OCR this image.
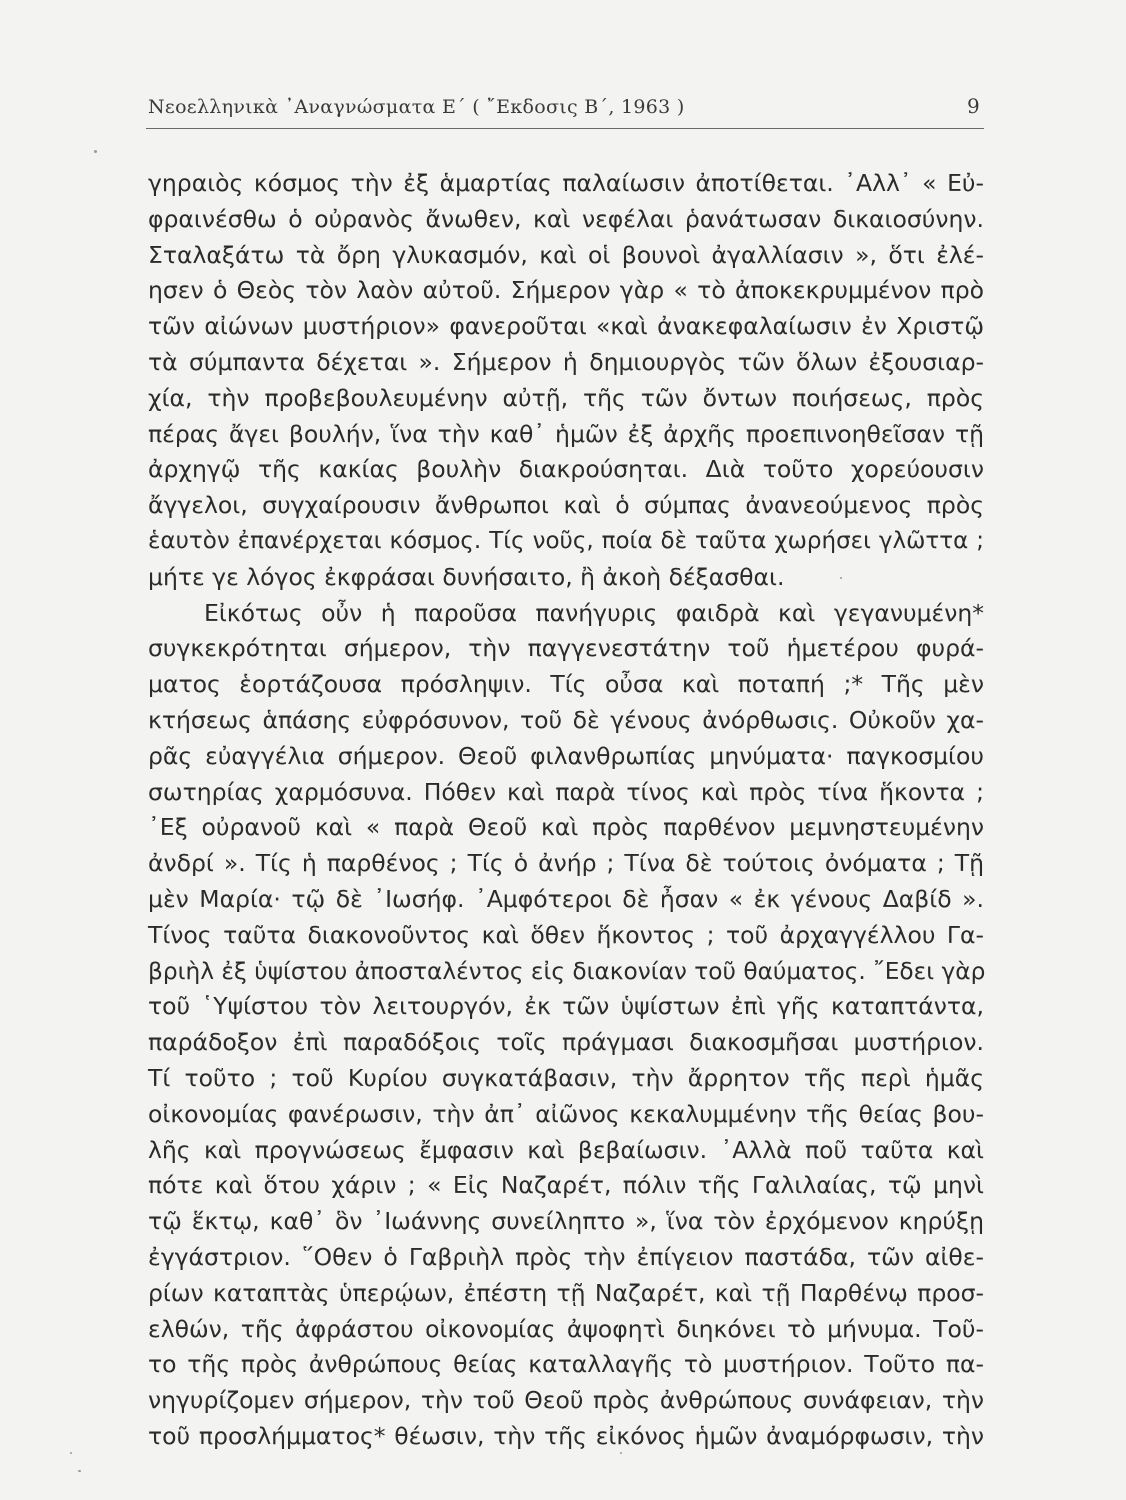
Νεοελληνικὰ ᾿Αναγνώσματα Ε΄ ( ῎Εκδοσις Β΄, 1963 )	9
γηραιὸς κόσμος τὴν ἐξ ἁμαρτίας παλαίωσιν ἀποτίθεται. ᾿Αλλ᾿ « Εὐ-
φραινέσθω ὁ οὐρανὸς ἄνωθεν, καὶ νεφέλαι ῥανάτωσαν δικαιοσύνην.
Σταλαξάτω τὰ ὄρη γλυκασμόν, καὶ οἱ βουνοὶ ἀγαλλίασιν », ὅτι ἐλέ-
ησεν ὁ Θεὸς τὸν λαὸν αὐτοῦ. Σήμερον γὰρ « τὸ ἀποκεκρυμμένον πρὸ
τῶν αἰώνων μυστήριον» φανεροῦται «καὶ ἀνακεφαλαίωσιν ἐν Χριστῷ
τὰ σύμπαντα δέχεται ». Σήμερον ἡ δημιουργὸς τῶν ὅλων ἐξουσιαρ-
χία, τὴν προβεβουλευμένην αὐτῇ, τῆς τῶν ὄντων ποιήσεως, πρὸς
πέρας ἄγει βουλήν, ἵνα τὴν καθ᾿ ἡμῶν ἐξ ἀρχῆς προεπινοηθεῖσαν τῇ
ἀρχηγῷ τῆς κακίας βουλὴν διακρούσηται. Διὰ τοῦτο χορεύουσιν
ἄγγελοι, συγχαίρουσιν ἄνθρωποι καὶ ὁ σύμπας ἀνανεούμενος πρὸς
ἑαυτὸν ἐπανέρχεται κόσμος. Τίς νοῦς, ποία δὲ ταῦτα χωρήσει γλῶττα ;
μήτε γε λόγος ἐκφράσαι δυνήσαιτο, ἢ ἀκοὴ δέξασθαι.
Εἰκότως οὖν ἡ παροῦσα πανήγυρις φαιδρὰ καὶ γεγανυμένη*
συγκεκρότηται σήμερον, τὴν παγγενεστάτην τοῦ ἡμετέρου φυρά-
ματος ἑορτάζουσα πρόσληψιν. Τίς οὖσα καὶ ποταπή ;* Τῆς μὲν
κτήσεως ἁπάσης εὐφρόσυνον, τοῦ δὲ γένους ἀνόρθωσις. Οὐκοῦν χα-
ρᾶς εὐαγγέλια σήμερον. Θεοῦ φιλανθρωπίας μηνύματα· παγκοσμίου
σωτηρίας χαρμόσυνα. Πόθεν καὶ παρὰ τίνος καὶ πρὸς τίνα ἥκοντα ;
᾿Εξ οὐρανοῦ καὶ « παρὰ Θεοῦ καὶ πρὸς παρθένον μεμνηστευμένην
ἀνδρί ». Τίς ἡ παρθένος ; Τίς ὁ ἀνήρ ; Τίνα δὲ τούτοις ὀνόματα ; Τῇ
μὲν Μαρία· τῷ δὲ ᾿Ιωσήφ. ᾿Αμφότεροι δὲ ἦσαν « ἐκ γένους Δαβίδ ».
Τίνος ταῦτα διακονοῦντος καὶ ὅθεν ἥκοντος ; τοῦ ἀρχαγγέλλου Γα-
βριὴλ ἐξ ὑψίστου ἀποσταλέντος εἰς διακονίαν τοῦ θαύματος. ῎Εδει γὰρ
τοῦ ῾Υψίστου τὸν λειτουργόν, ἐκ τῶν ὑψίστων ἐπὶ γῆς καταπτάντα,
παράδοξον ἐπὶ παραδόξοις τοῖς πράγμασι διακοσμῆσαι μυστήριον.
Τί τοῦτο ; τοῦ Κυρίου συγκατάβασιν, τὴν ἄρρητον τῆς περὶ ἡμᾶς
οἰκονομίας φανέρωσιν, τὴν ἀπ᾿ αἰῶνος κεκαλυμμένην τῆς θείας βου-
λῆς καὶ προγνώσεως ἔμφασιν καὶ βεβαίωσιν. ᾿Αλλὰ ποῦ ταῦτα καὶ
πότε καὶ ὅτου χάριν ; « Εἰς Ναζαρέτ, πόλιν τῆς Γαλιλαίας, τῷ μηνὶ
τῷ ἕκτῳ, καθ᾿ ὃν ᾿Ιωάννης συνείληπτο », ἵνα τὸν ἐρχόμενον κηρύξῃ
ἐγγάστριον. ῞Οθεν ὁ Γαβριὴλ πρὸς τὴν ἐπίγειον παστάδα, τῶν αἰθε-
ρίων καταπτὰς ὑπερῴων, ἐπέστη τῇ Ναζαρέτ, καὶ τῇ Παρθένῳ προσ-
ελθών, τῆς ἀφράστου οἰκονομίας ἀψοφητὶ διηκόνει τὸ μήνυμα. Τοῦ-
το τῆς πρὸς ἀνθρώπους θείας καταλλαγῆς τὸ μυστήριον. Τοῦτο πα-
νηγυρίζομεν σήμερον, τὴν τοῦ Θεοῦ πρὸς ἀνθρώπους συνάφειαν, τὴν
τοῦ προσλήμματος* θέωσιν, τὴν τῆς εἰκόνος ἡμῶν ἀναμόρφωσιν, τὴν
